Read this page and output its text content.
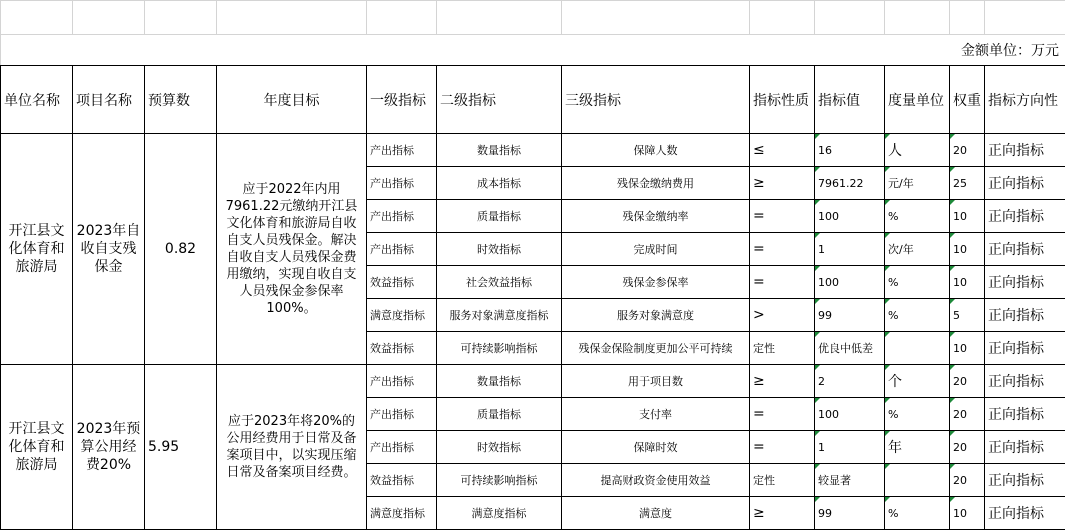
金额单位：万元											
单位名称	项目名称	预算数	年度目标	一级指标	二级指标	三级指标	指标性质	指标值	度量单位	权重	指标方向性
开江县文化体育和旅游局	2023年自收自支残保金	0.82	应于2022年内用7961.22元缴纳开江县文化体育和旅游局自收自支人员残保金。解决自收自支人员残保金费用缴纳，实现自收自支人员残保金参保率100%。	产出指标	数量指标	保障人数	≤	16	人	20	正向指标
				产出指标	成本指标	残保金缴纳费用	≥	7961.22	元/年	25	正向指标
				产出指标	质量指标	残保金缴纳率	=	100	%	10	正向指标
				产出指标	时效指标	完成时间	=	1	次/年	10	正向指标
				效益指标	社会效益指标	残保金参保率	=	100	%	10	正向指标
				满意度指标	服务对象满意度指标	服务对象满意度	>	99	%	5	正向指标
				效益指标	可持续影响指标	残保金保险制度更加公平可持续	定性	优良中低差		10	正向指标
开江县文化体育和旅游局	2023年预算公用经费20%	5.95	应于2023年将20%的公用经费用于日常及备案项目中，以实现压缩日常及备案项目经费。	产出指标	数量指标	用于项目数	≥	2	个	20	正向指标
				产出指标	质量指标	支付率	=	100	%	20	正向指标
				产出指标	时效指标	保障时效	=	1	年	20	正向指标
				效益指标	可持续影响指标	提高财政资金使用效益	定性	较显著		20	正向指标
				满意度指标	满意度指标	满意度	≥	99	%	10	正向指标
